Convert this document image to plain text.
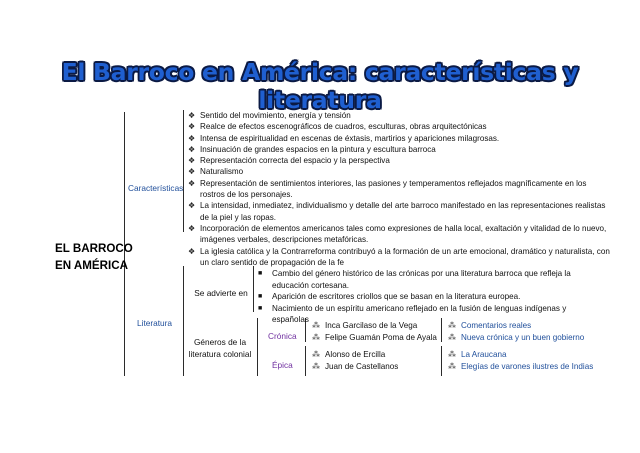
El Barroco en América: características y literatura
EL BARROCO
EN AMÉRICA
Características
❖ Sentido del movimiento, energía y tensión
❖ Realce de efectos escenográficos de cuadros, esculturas, obras arquitectónicas
❖ Intensa de espiritualidad en escenas de éxtasis, martirios y apariciones milagrosas.
❖ Insinuación de grandes espacios en la pintura y escultura barroca
❖ Representación correcta del espacio y la perspectiva
❖ Naturalismo
❖ Representación de sentimientos interiores, las pasiones y temperamentos reflejados magníficamente en los rostros de los personajes.
❖ La intensidad, inmediatez, individualismo y detalle del arte barroco manifestado en las representaciones realistas de la piel y las ropas.
❖ Incorporación de elementos americanos tales como expresiones de halla local, exaltación y vitalidad de lo nuevo, imágenes verbales, descripciones metafóricas.
❖ La iglesia católica y la Contrarreforma contribuyó a la formación de un arte emocional, dramático y naturalista, con un claro sentido de propagación de la fe
Literatura
Se advierte en
■ Cambio del género histórico de las crónicas por una literatura barroca que refleja la educación cortesana.
■ Aparición de escritores criollos que se basan en la literatura europea.
■ Nacimiento de un espíritu americano reflejado en la fusión de lenguas indígenas y españolas
Géneros de la
literatura colonial
Crónica
Épica
⁂ Inca Garcilaso de la Vega
⁂ Felipe Guamán Poma de Ayala
⁂ Comentarios reales
⁂ Nueva crónica y un buen gobierno
⁂ Alonso de Ercilla
⁂ Juan de Castellanos
⁂ La Araucana
⁂ Elegías de varones ilustres de Indias
